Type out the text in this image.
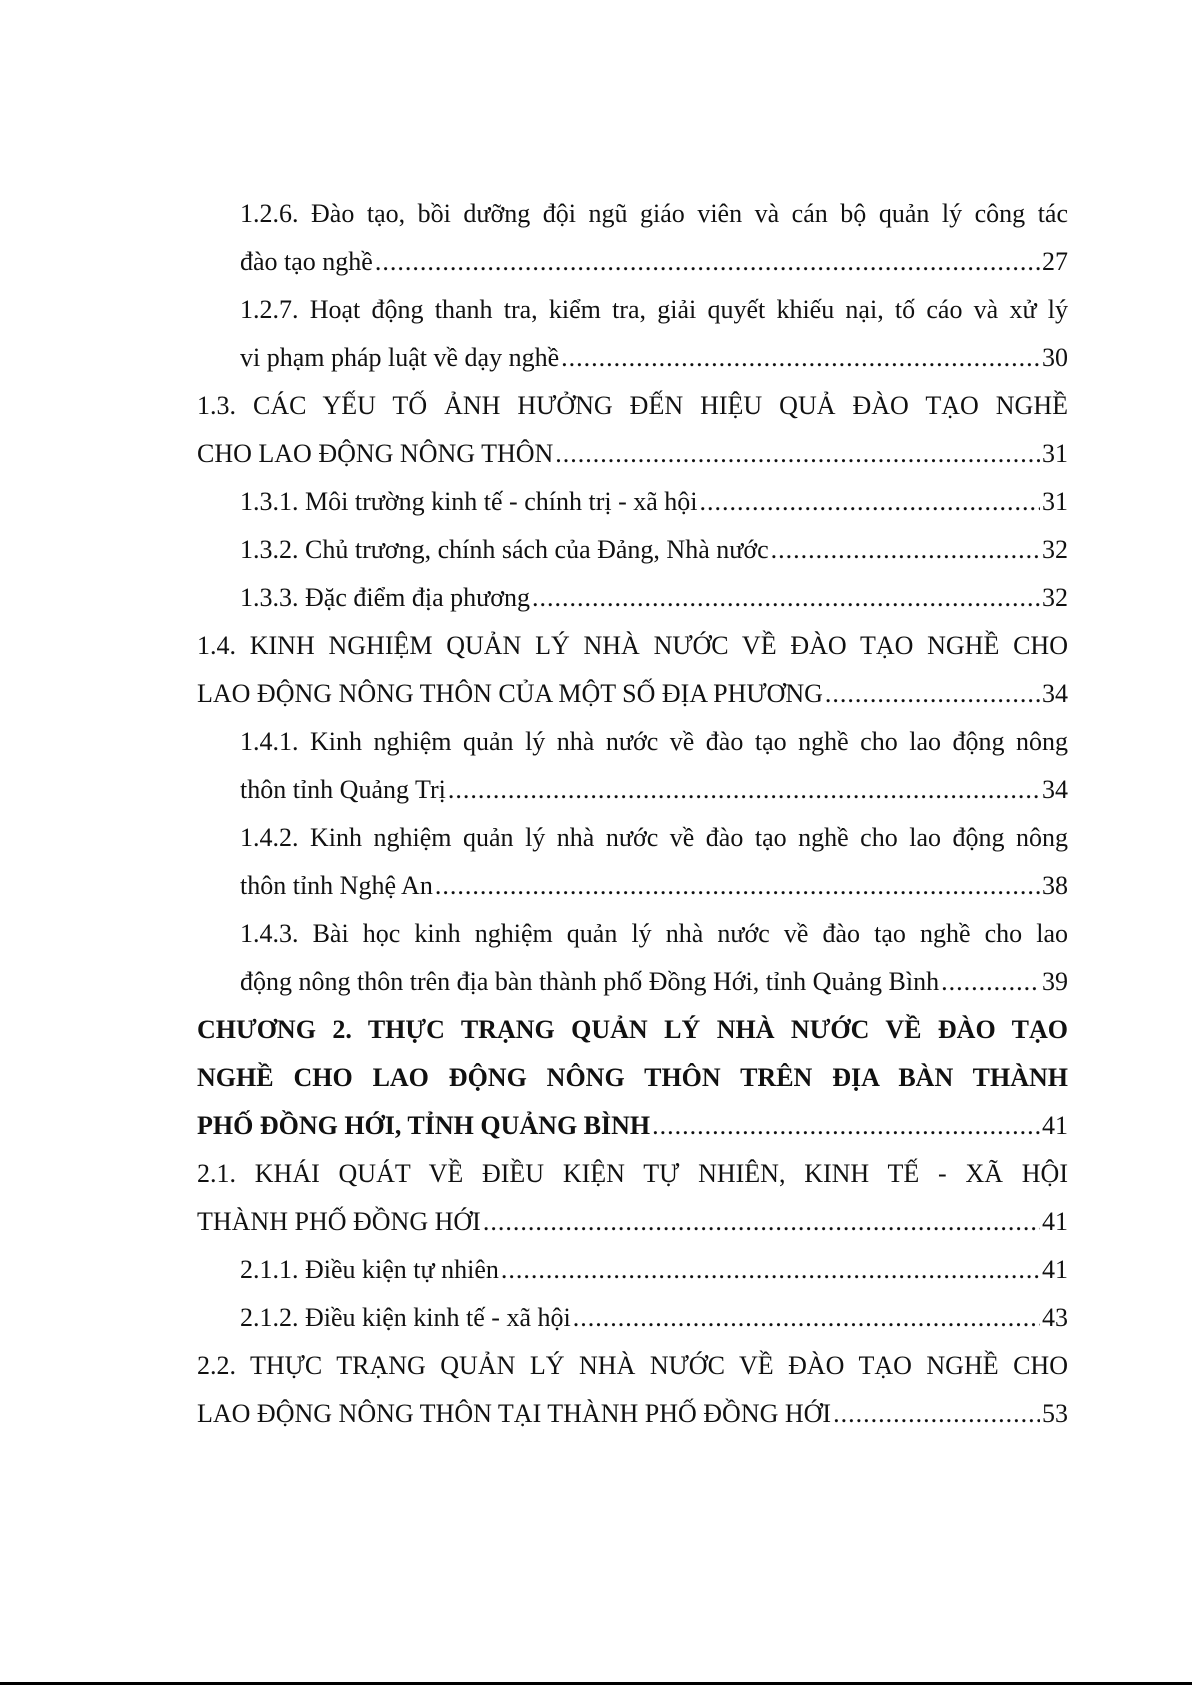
1.2.6. Đào tạo, bồi dưỡng đội ngũ giáo viên và cán bộ quản lý công tác
đào tạo nghề .....	27
1.2.7. Hoạt động thanh tra, kiểm tra, giải quyết khiếu nại, tố cáo và xử lý
vi phạm pháp luật về dạy nghề .....	30
1.3. CÁC YẾU TỐ ẢNH HƯỞNG ĐẾN HIỆU QUẢ ĐÀO TẠO NGHỀ
CHO LAO ĐỘNG NÔNG THÔN .....	31
1.3.1. Môi trường kinh tế - chính trị - xã hội .....	31
1.3.2. Chủ trương, chính sách của Đảng, Nhà nước .....	32
1.3.3. Đặc điểm địa phương .....	32
1.4. KINH NGHIỆM QUẢN LÝ NHÀ NƯỚC VỀ ĐÀO TẠO NGHỀ CHO
LAO ĐỘNG NÔNG THÔN CỦA MỘT SỐ ĐỊA PHƯƠNG .....	34
1.4.1. Kinh nghiệm quản lý nhà nước về đào tạo nghề cho lao động nông
thôn tỉnh Quảng Trị .....	34
1.4.2. Kinh nghiệm quản lý nhà nước về đào tạo nghề cho lao động nông
thôn tỉnh Nghệ An .....	38
1.4.3. Bài học kinh nghiệm quản lý nhà nước về đào tạo nghề cho lao
động nông thôn trên địa bàn thành phố Đồng Hới, tỉnh Quảng Bình .....	39
CHƯƠNG 2. THỰC TRẠNG QUẢN LÝ NHÀ NƯỚC VỀ ĐÀO TẠO
NGHỀ CHO LAO ĐỘNG NÔNG THÔN TRÊN ĐỊA BÀN THÀNH
PHỐ ĐỒNG HỚI, TỈNH QUẢNG BÌNH .....	41
2.1. KHÁI QUÁT VỀ ĐIỀU KIỆN TỰ NHIÊN, KINH TẾ - XÃ HỘI
THÀNH PHỐ ĐỒNG HỚI .....	41
2.1.1. Điều kiện tự nhiên .....	41
2.1.2. Điều kiện kinh tế - xã hội .....	43
2.2. THỰC TRẠNG QUẢN LÝ NHÀ NƯỚC VỀ ĐÀO TẠO NGHỀ CHO
LAO ĐỘNG NÔNG THÔN TẠI THÀNH PHỐ ĐỒNG HỚI .....	53
